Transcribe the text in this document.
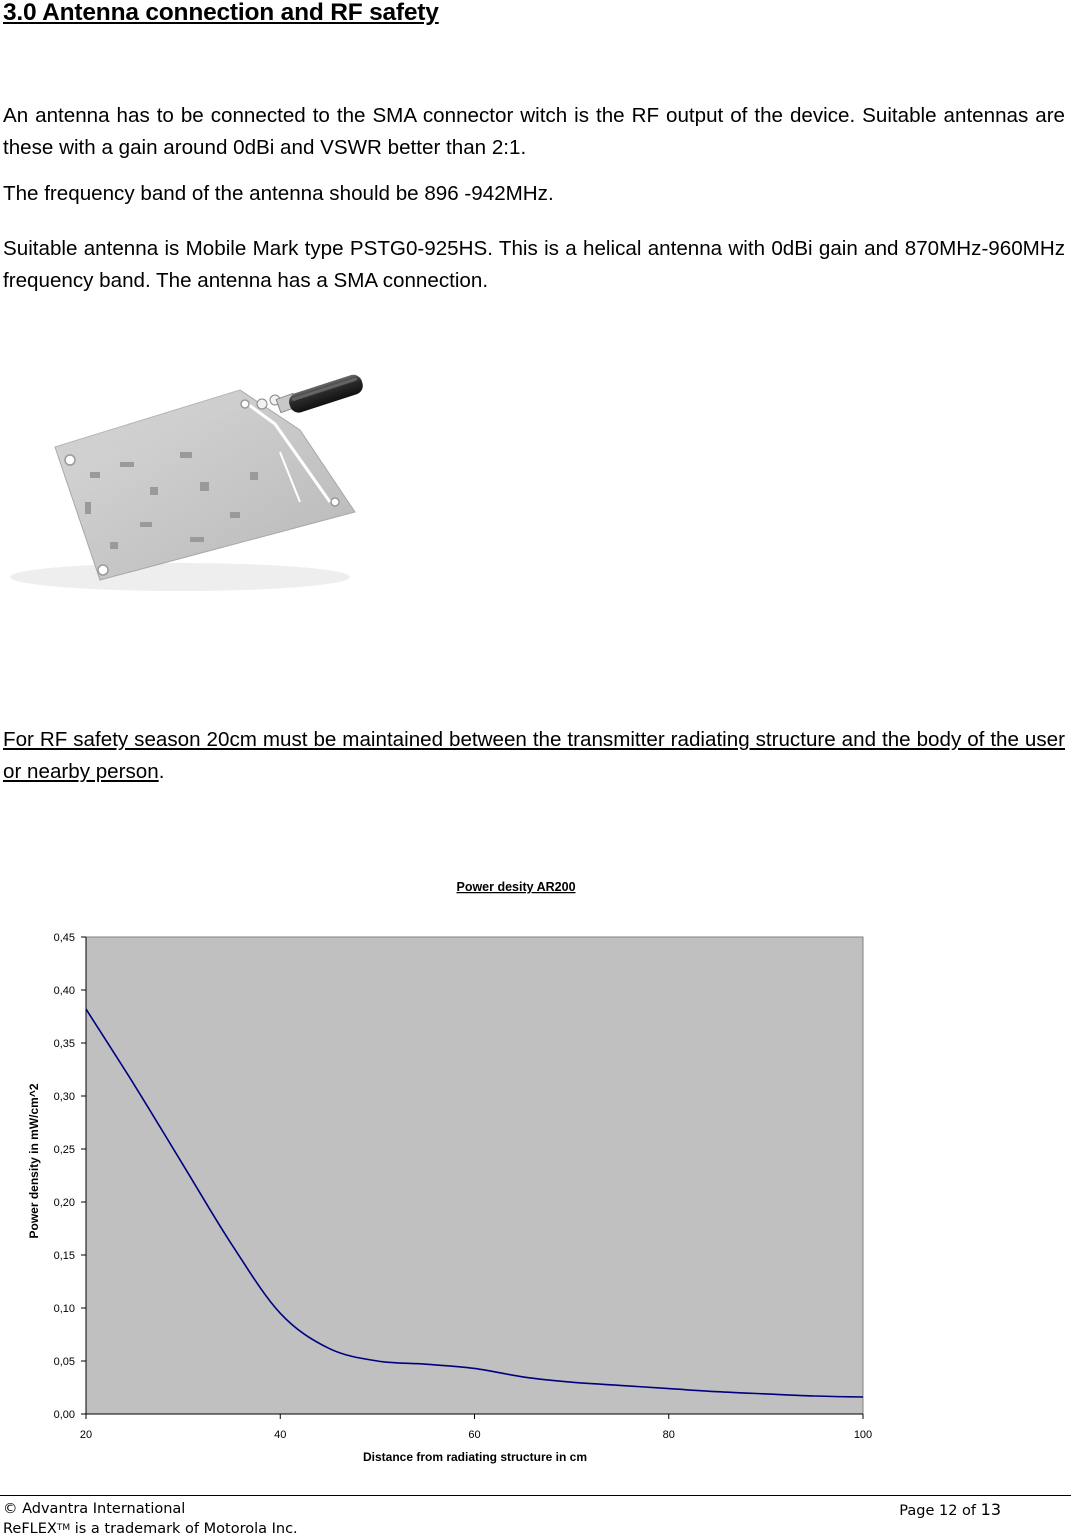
3.0 Antenna connection and RF safety

An antenna has to be connected to the SMA connector witch is the RF output of the device. Suitable antennas are these with a gain around 0dBi and VSWR better than 2:1.

The frequency band of the antenna should be 896 -942MHz.

Suitable antenna is Mobile Mark type PSTG0-925HS. This is a helical antenna with 0dBi gain and 870MHz-960MHz frequency band. The antenna has a SMA connection.

For RF safety season 20cm must be maintained between the transmitter radiating structure and the body of the user or nearby person.

Power desity AR200
0,00
0,05
0,10
0,15
0,20
0,25
0,30
0,35
0,40
0,45
20	40	60	80	100
Distance from radiating structure in cm
Power density in mW/cm^2
© Advantra International
ReFLEX™ is a trademark of Motorola Inc.
Page 12 of 13
